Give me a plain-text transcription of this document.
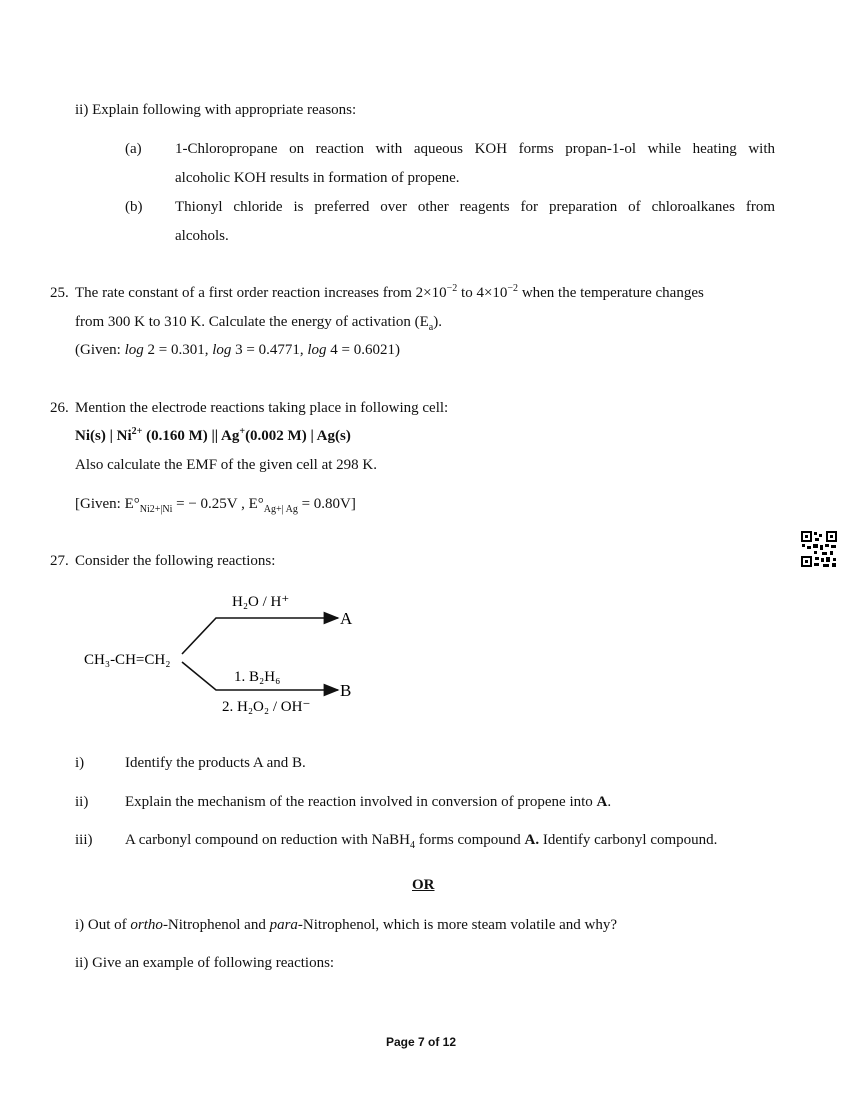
ii) Explain following with appropriate reasons:
(a) 1-Chloropropane on reaction with aqueous KOH forms propan-1-ol while heating with
alcoholic KOH results in formation of propene.
(b) Thionyl chloride is preferred over other reagents for preparation of chloroalkanes from
alcohols.
25. The rate constant of a first order reaction increases from $2\times 10^{-2}$ to $4\times 10^{-2}$ when the temperature changes
from 300 K to 310 K. Calculate the energy of activation $(E_a)$.
(Given: log 2 = 0.301, log 3 = 0.4771, log 4 = 0.6021)
26. Mention the electrode reactions taking place in following cell:
Ni(s) | $Ni^{2+}$ (0.160 M) || Ag+(0.002 M) | Ag(s)
Also calculate the EMF of the given cell at 298 K.
[Given: $E^\circ_{Ni2+|Ni}$ = − 0.25V , $E^\circ_{Ag+| Ag} = 0.80V$]
27. Consider the following reactions:
CH₃-CH=CH₂
H₂O / H⁺
A
1. B₂H₆
2. H₂O₂ / OH⁻
B
i)	Identify the products A and B.
ii) Explain the mechanism of the reaction involved in conversion of propene into A.
iii) A carbonyl compound on reduction with NaBH$_4$ forms compound A. Identify carbonyl compound.
OR
i) Out of ortho-Nitrophenol and para-Nitrophenol, which is more steam volatile and why?
ii) Give an example of following reactions:
Page 7 of 12
